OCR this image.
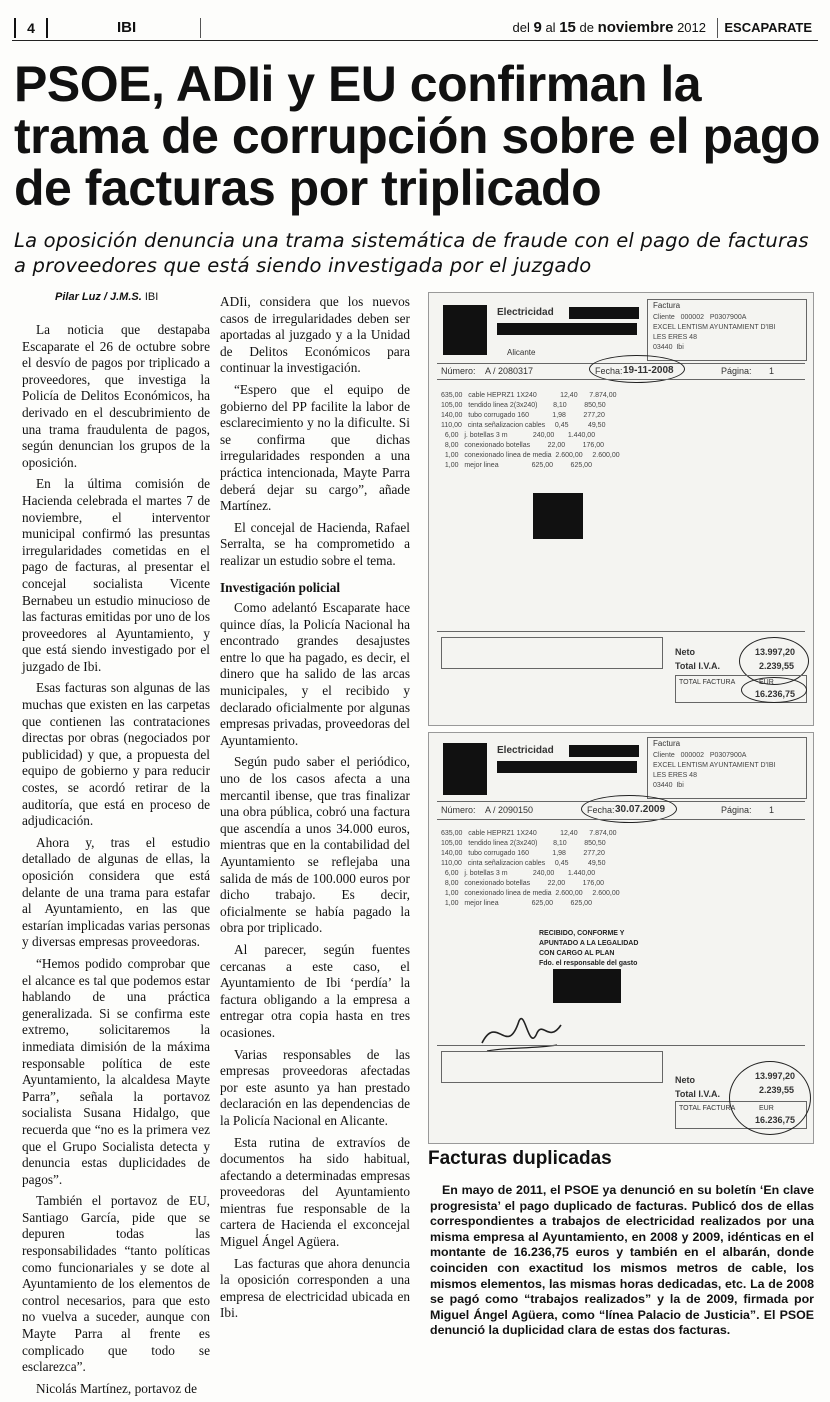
4	IBI	del 9 al 15 de noviembre 2012 ESCAPARATE
PSOE, ADIi y EU confirman la trama de corrupción sobre el pago de facturas por triplicado

La oposición denuncia una trama sistemática de fraude con el pago de facturas a proveedores que está siendo investigada por el juzgado

Pilar Luz / J.M.S. IBI

La noticia que destapaba Escaparate el 26 de octubre sobre el desvío de pagos por triplicado a proveedores, que investiga la Policía de Delitos Económicos, ha derivado en el descubrimiento de una trama fraudulenta de pagos, según denuncian los grupos de la oposición.

En la última comisión de Hacienda celebrada el martes 7 de noviembre, el interventor municipal confirmó las presuntas irregularidades cometidas en el pago de facturas, al presentar el concejal socialista Vicente Bernabeu un estudio minucioso de las facturas emitidas por uno de los proveedores al Ayuntamiento, y que está siendo investigado por el juzgado de Ibi.

Esas facturas son algunas de las muchas que existen en las carpetas que contienen las contrataciones directas por obras (negociados por publicidad) y que, a propuesta del equipo de gobierno y para reducir costes, se acordó retirar de la auditoría, que está en proceso de adjudicación.

Ahora y, tras el estudio detallado de algunas de ellas, la oposición considera que está delante de una trama para estafar al Ayuntamiento, en las que estarían implicadas varias personas y diversas empresas proveedoras.

“Hemos podido comprobar que el alcance es tal que podemos estar hablando de una práctica generalizada. Si se confirma este extremo, solicitaremos la inmediata dimisión de la máxima responsable política de este Ayuntamiento, la alcaldesa Mayte Parra”, señala la portavoz socialista Susana Hidalgo, que recuerda que “no es la primera vez que el Grupo Socialista detecta y denuncia estas duplicidades de pagos”.

También el portavoz de EU, Santiago García, pide que se depuren todas las responsabilidades “tanto políticas como funcionariales y se dote al Ayuntamiento de los elementos de control necesarios, para que esto no vuelva a suceder, aunque con Mayte Parra al frente es complicado que todo se esclarezca”.

Nicolás Martínez, portavoz de

ADIi, considera que los nuevos casos de irregularidades deben ser aportadas al juzgado y a la Unidad de Delitos Económicos para continuar la investigación.

“Espero que el equipo de gobierno del PP facilite la labor de esclarecimiento y no la dificulte. Si se confirma que dichas irregularidades responden a una práctica intencionada, Mayte Parra deberá dejar su cargo”, añade Martínez.

El concejal de Hacienda, Rafael Serralta, se ha comprometido a realizar un estudio sobre el tema.

Investigación policial

Como adelantó Escaparate hace quince días, la Policía Nacional ha encontrado grandes desajustes entre lo que ha pagado, es decir, el dinero que ha salido de las arcas municipales, y el recibido y declarado oficialmente por algunas empresas privadas, proveedoras del Ayuntamiento.

Según pudo saber el periódico, uno de los casos afecta a una mercantil ibense, que tras finalizar una obra pública, cobró una factura que ascendía a unos 34.000 euros, mientras que en la contabilidad del Ayuntamiento se reflejaba una salida de más de 100.000 euros por dicho trabajo. Es decir, oficialmente se había pagado la obra por triplicado.

Al parecer, según fuentes cercanas a este caso, el Ayuntamiento de Ibi ‘perdía’ la factura obligando a la empresa a entregar otra copia hasta en tres ocasiones.

Varias responsables de las empresas proveedoras afectadas por este asunto ya han prestado declaración en las dependencias de la Policía Nacional en Alicante.

Esta rutina de extravíos de documentos ha sido habitual, afectando a determinadas empresas proveedoras del Ayuntamiento mientras fue responsable de la cartera de Hacienda el exconcejal Miguel Ángel Agüera.

Las facturas que ahora denuncia la oposición corresponden a una empresa de electricidad ubicada en Ibi.

Electricidad
Alicante
Factura
Cliente   000002   P0307900A
EXCEL LENTISM AYUNTAMIENT D'IBI
LES ERES 48
03440  Ibi
Número: A / 2080317	Fecha: 19-11-2008	Página: 1
635,00   cable HEPRZ1 1X240            12,40      7.874,00
105,00   tendido linea 2(3x240)        8,10         850,50
140,00   tubo corrugado 160            1,98         277,20
110,00   cinta señalizacion cables     0,45          49,50
6,00   j. botellas 3 m             240,00       1.440,00
8,00   conexionado botellas         22,00         176,00
1,00   conexionado linea de media  2.600,00     2.600,00
1,00   mejor linea                 625,00         625,00
Neto	13.997,20
Total I.V.A.	2.239,55
TOTAL FACTURA	EUR
16.236,75
Electricidad
Factura
Cliente   000002   P0307900A
EXCEL LENTISM AYUNTAMIENT D'IBI
LES ERES 48
03440  Ibi
Número: A / 2090150	Fecha: 30.07.2009	Página: 1
635,00   cable HEPRZ1 1X240            12,40      7.874,00
105,00   tendido linea 2(3x240)        8,10         850,50
140,00   tubo corrugado 160            1,98         277,20
110,00   cinta señalizacion cables     0,45          49,50
6,00   j. botellas 3 m             240,00       1.440,00
8,00   conexionado botellas         22,00         176,00
1,00   conexionado linea de media  2.600,00     2.600,00
1,00   mejor linea                 625,00         625,00
RECIBIDO, CONFORME Y
APUNTADO A LA LEGALIDAD
CON CARGO AL PLAN
Fdo. el responsable del gasto
Neto	13.997,20
Total I.V.A.	2.239,55
TOTAL FACTURA	EUR
16.236,75
Facturas duplicadas

En mayo de 2011, el PSOE ya denunció en su boletín ‘En clave progresista’ el pago duplicado de facturas. Publicó dos de ellas correspondientes a trabajos de electricidad realizados por una misma empresa al Ayuntamiento, en 2008 y 2009, idénticas en el montante de 16.236,75 euros y también en el albarán, donde coinciden con exactitud los mismos metros de cable, los mismos elementos, las mismas horas dedicadas, etc. La de 2008 se pagó como “trabajos realizados” y la de 2009, firmada por Miguel Ángel Agüera, como “línea Palacio de Justicia”. El PSOE denunció la duplicidad clara de estas dos facturas.
